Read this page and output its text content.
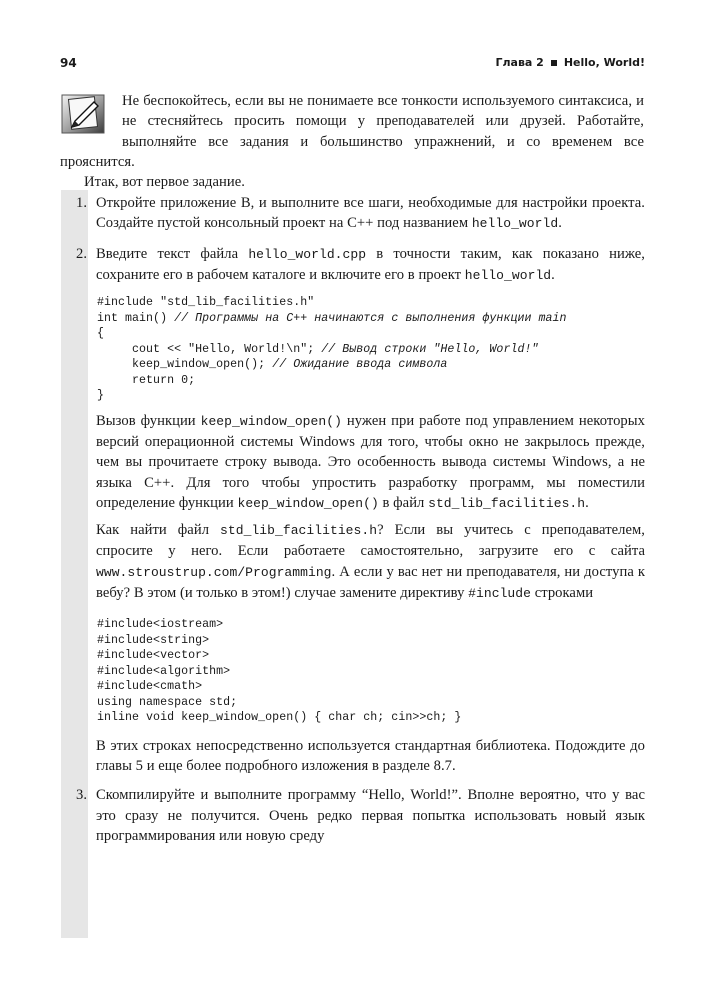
94	Глава 2 Hello, World!

Не беспокойтесь, если вы не понимаете все тонкости используемого синтаксиса, и не стесняйтесь просить помощи у преподавателей или друзей. Работайте, выполняйте все задания и большинство упражнений, и со временем все прояснится.

Итак, вот первое задание.

1. Откройте приложение В, и выполните все шаги, необходимые для настройки проекта. Создайте пустой консольный проект на С++ под названием hello_world.

2. Введите текст файла hello_world.cpp в точности таким, как показано ниже, сохраните его в рабочем каталоге и включите его в проект hello_world.

#include "std_lib_facilities.h"
int main() // Программы на С++ начинаются с выполнения функции main
{
cout << "Hello, World!\n"; // Вывод строки "Hello, World!"
keep_window_open(); // Ожидание ввода символа
return 0;
}

Вызов функции keep_window_open() нужен при работе под управлением некоторых версий операционной системы Windows для того, чтобы окно не закрылось прежде, чем вы прочитаете строку вывода. Это особенность вывода системы Windows, а не языка С++. Для того чтобы упростить разработку программ, мы поместили определение функции keep_window_open() в файл std_lib_facilities.h.

Как найти файл std_lib_facilities.h? Если вы учитесь с преподавателем, спросите у него. Если работаете самостоятельно, загрузите его с сайта www.stroustrup.com/Programming. А если у вас нет ни преподавателя, ни доступа к вебу? В этом (и только в этом!) случае замените директиву #include строками

#include<iostream>
#include<string>
#include<vector>
#include<algorithm>
#include<cmath>
using namespace std;
inline void keep_window_open() { char ch; cin>>ch; }

В этих строках непосредственно используется стандартная библиотека. Подождите до главы 5 и еще более подробного изложения в разделе 8.7.

3. Скомпилируйте и выполните программу “Hello, World!”. Вполне вероятно, что у вас это сразу не получится. Очень редко первая попытка использовать новый язык программирования или новую среду
